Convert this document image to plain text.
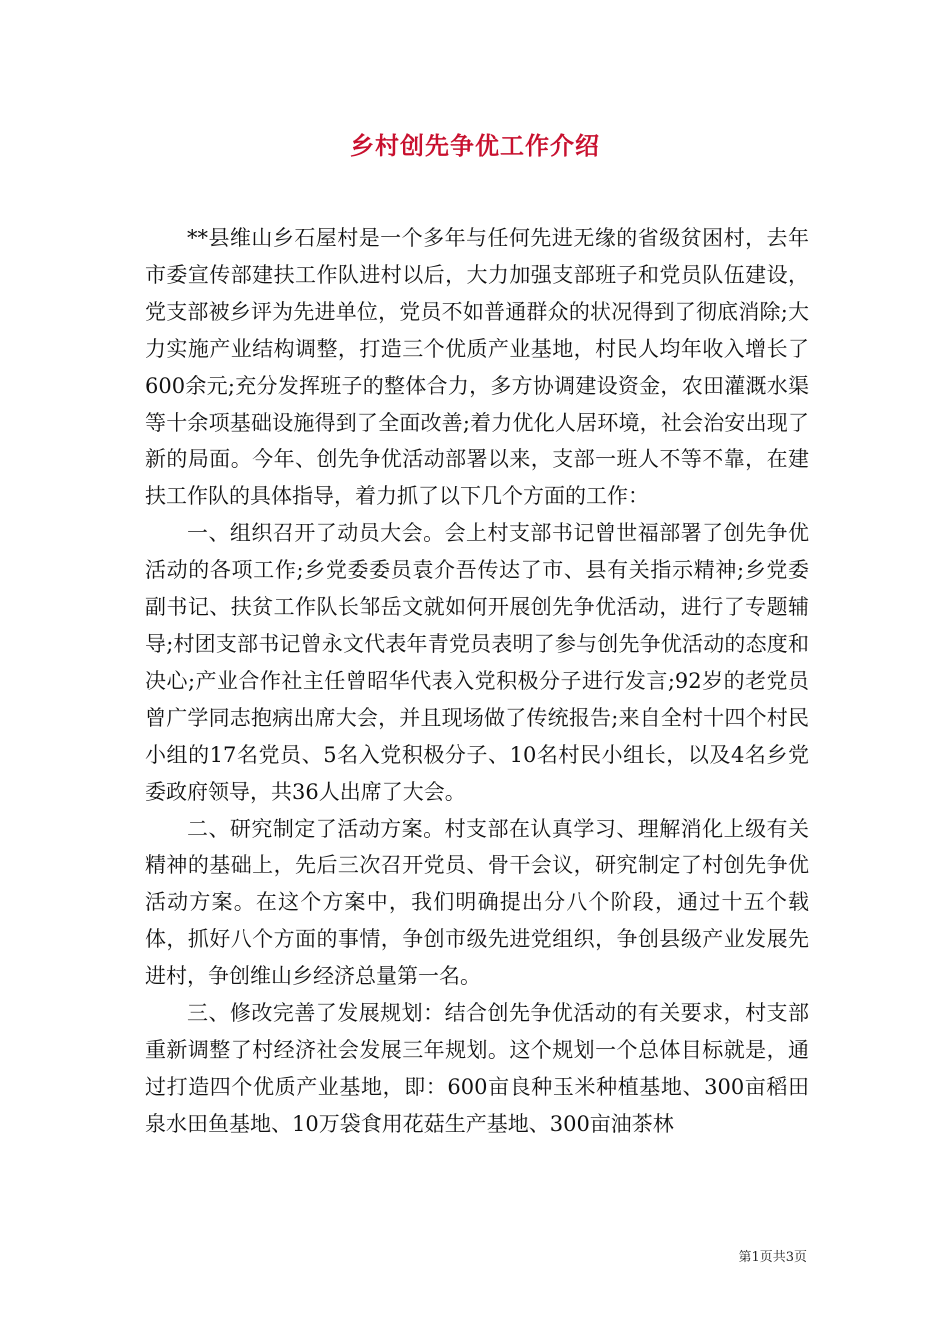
乡村创先争优工作介绍

**县维山乡石屋村是一个多年与任何先进无缘的省级贫困村，去年市委宣传部建扶工作队进村以后，大力加强支部班子和党员队伍建设，党支部被乡评为先进单位，党员不如普通群众的状况得到了彻底消除;大力实施产业结构调整，打造三个优质产业基地，村民人均年收入增长了600余元;充分发挥班子的整体合力，多方协调建设资金，农田灌溉水渠等十余项基础设施得到了全面改善;着力优化人居环境，社会治安出现了新的局面。今年、创先争优活动部署以来，支部一班人不等不靠，在建扶工作队的具体指导，着力抓了以下几个方面的工作：

一、组织召开了动员大会。会上村支部书记曾世福部署了创先争优活动的各项工作;乡党委委员袁介吾传达了市、县有关指示精神;乡党委副书记、扶贫工作队长邹岳文就如何开展创先争优活动，进行了专题辅导;村团支部书记曾永文代表年青党员表明了参与创先争优活动的态度和决心;产业合作社主任曾昭华代表入党积极分子进行发言;92岁的老党员曾广学同志抱病出席大会，并且现场做了传统报告;来自全村十四个村民小组的17名党员、5名入党积极分子、10名村民小组长，以及4名乡党委政府领导，共36人出席了大会。

二、研究制定了活动方案。村支部在认真学习、理解消化上级有关精神的基础上，先后三次召开党员、骨干会议，研究制定了村创先争优活动方案。在这个方案中，我们明确提出分八个阶段，通过十五个载体，抓好八个方面的事情，争创市级先进党组织，争创县级产业发展先进村，争创维山乡经济总量第一名。

三、修改完善了发展规划：结合创先争优活动的有关要求，村支部重新调整了村经济社会发展三年规划。这个规划一个总体目标就是，通过打造四个优质产业基地，即：600亩良种玉米种植基地、300亩稻田泉水田鱼基地、10万袋食用花菇生产基地、300亩油茶林

第1页共3页
